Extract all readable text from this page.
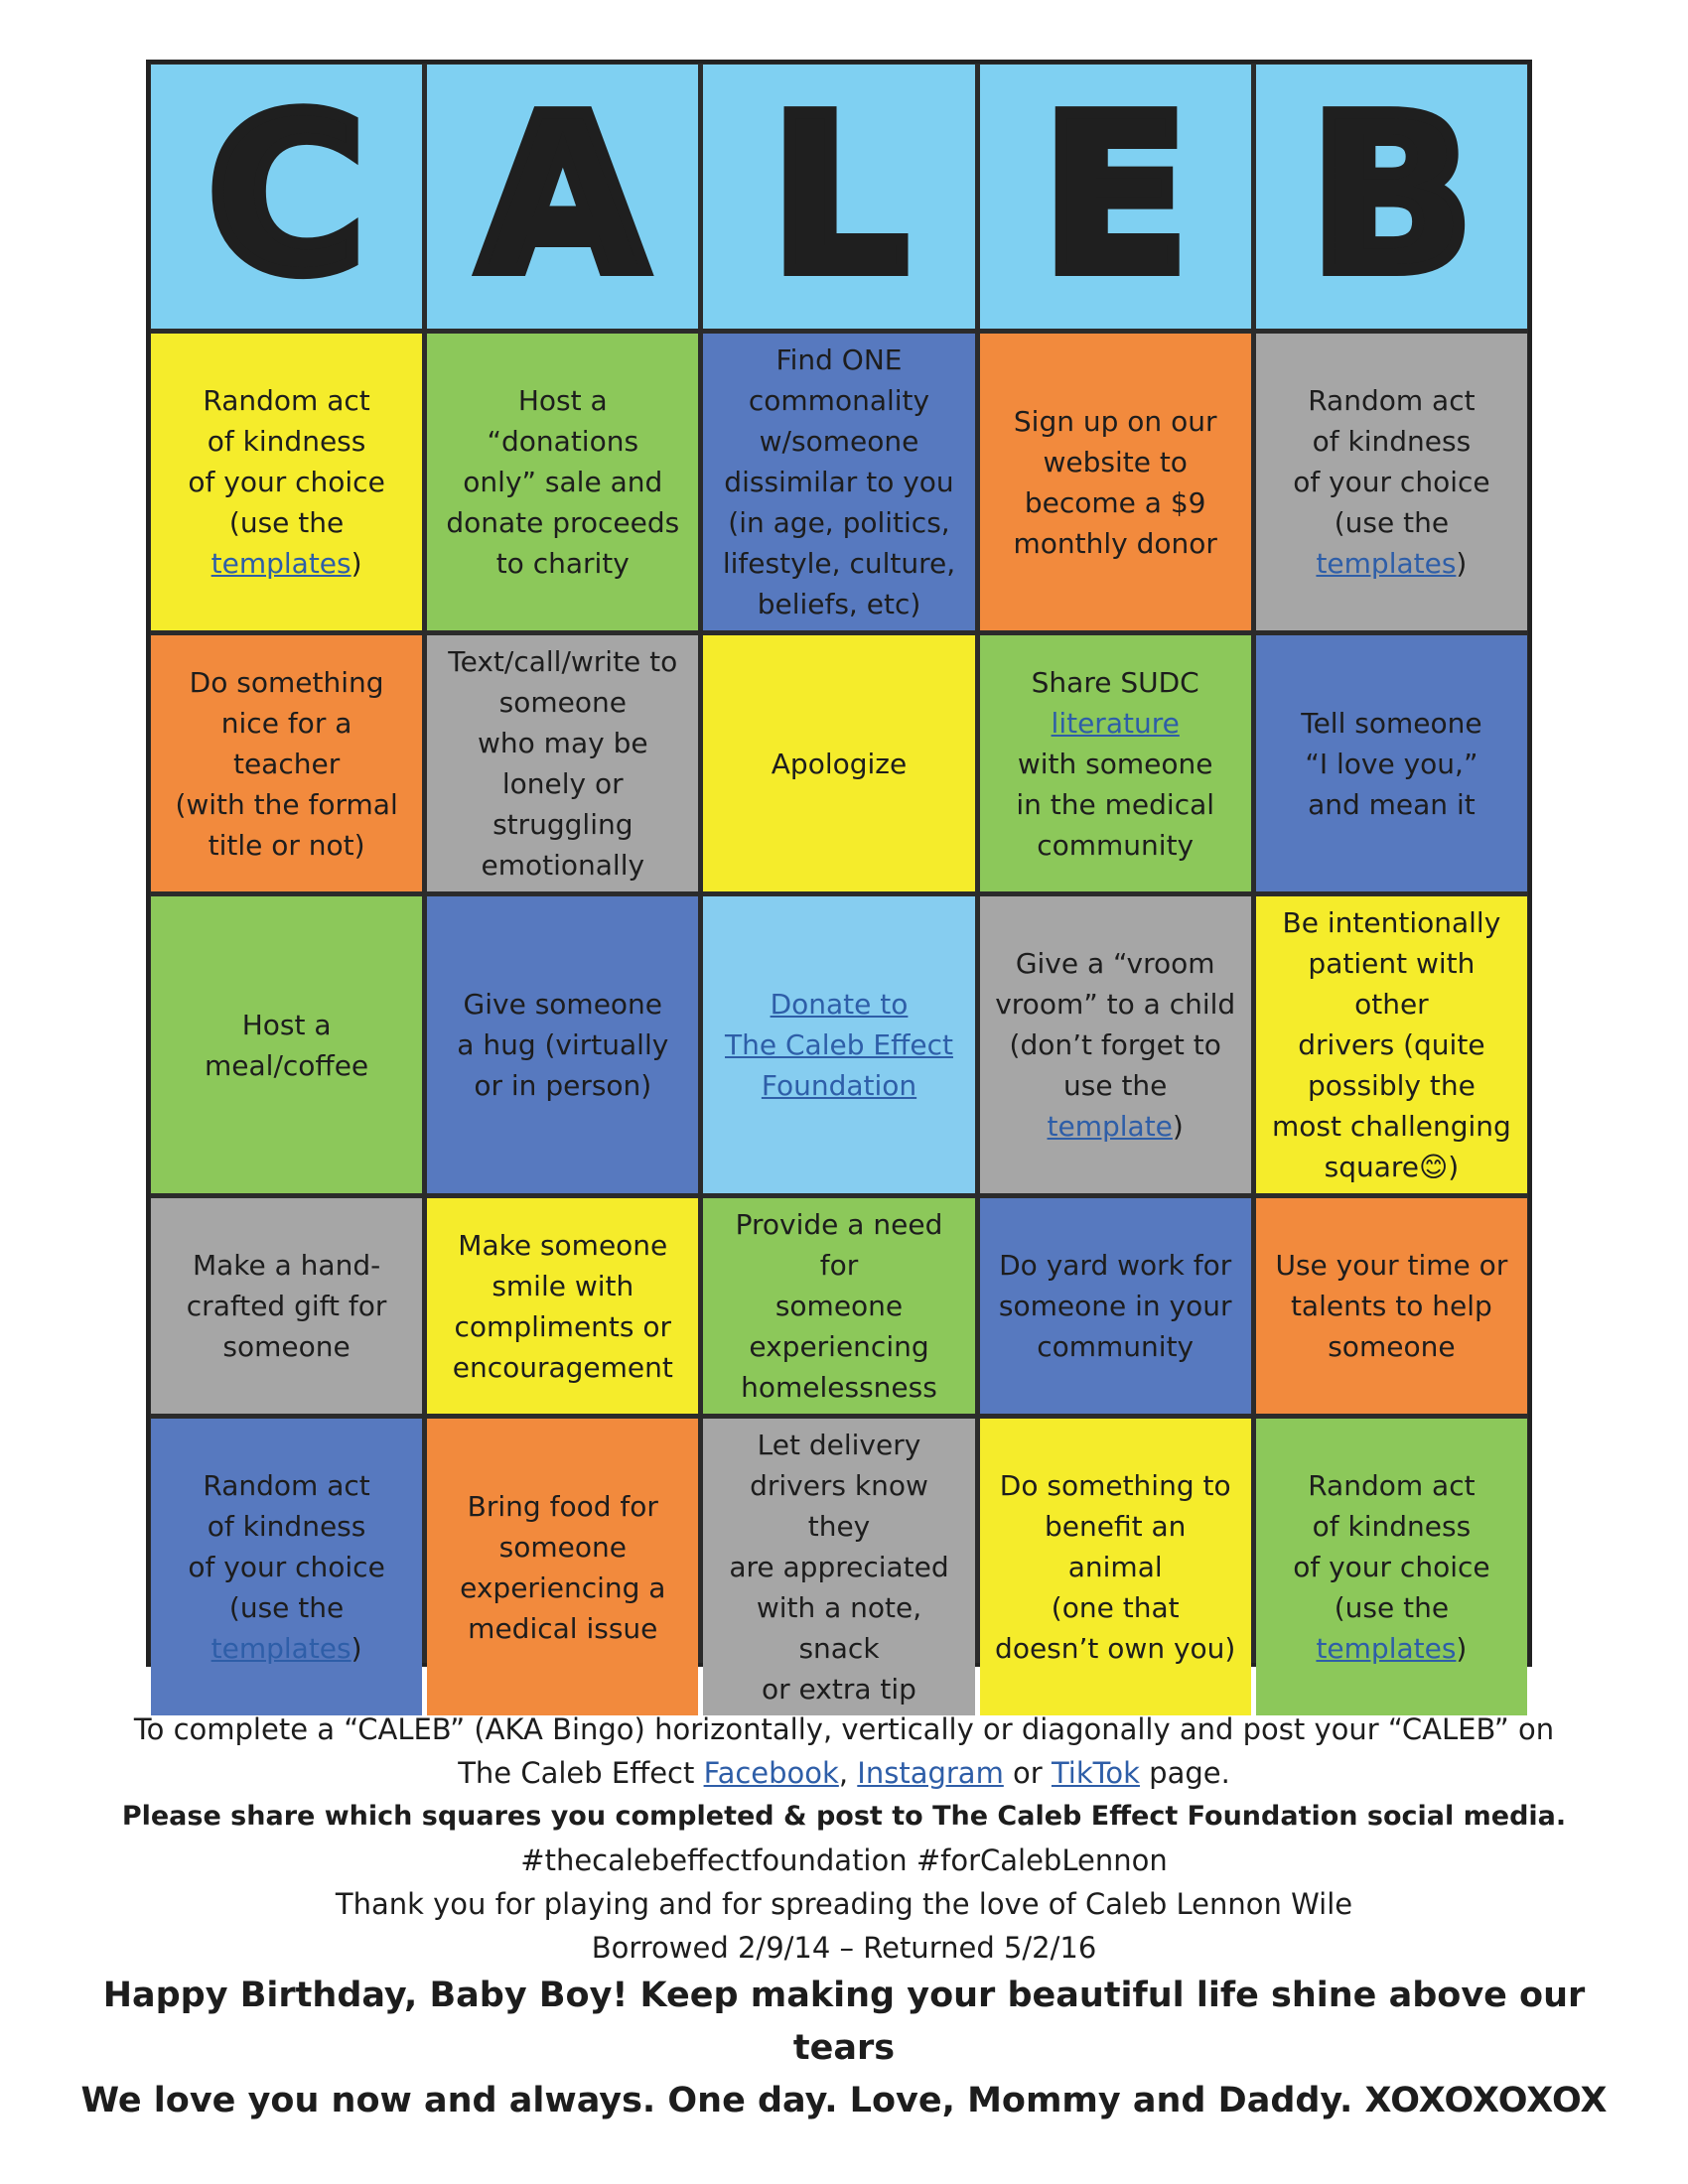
C A L E B
Random act
of kindness
of your choice
(use the
templates)
Host a “donations
only” sale and
donate proceeds
to charity
Find ONE
commonality
w/someone
dissimilar to you
(in age, politics,
lifestyle, culture,
beliefs, etc)
Sign up on our
website to
become a $9
monthly donor
Random act
of kindness
of your choice
(use the
templates)
Do something
nice for a teacher
(with the formal
title or not)
Text/call/write to
someone
who may be
lonely or
struggling
emotionally
Apologize
Share SUDC
literature
with someone
in the medical
community
Tell someone
“I love you,”
and mean it
Host a
meal/coffee
Give someone
a hug (virtually
or in person)
Donate to
The Caleb Effect
Foundation
Give a “vroom
vroom” to a child
(don’t forget to
use the template)
Be intentionally
patient with other
drivers (quite
possibly the
most challenging
square😊)
Make a hand-
crafted gift for
someone
Make someone
smile with
compliments or
encouragement
Provide a need for
someone
experiencing
homelessness
Do yard work for
someone in your
community
Use your time or
talents to help
someone
Random act
of kindness
of your choice
(use the
templates)
Bring food for
someone
experiencing a
medical issue
Let delivery
drivers know they
are appreciated
with a note, snack
or extra tip
Do something to
benefit an animal
(one that
doesn’t own you)
Random act
of kindness
of your choice
(use the
templates)

To complete a “CALEB” (AKA Bingo) horizontally, vertically or diagonally and post your “CALEB” on

The Caleb Effect Facebook, Instagram or TikTok page.

Please share which squares you completed & post to The Caleb Effect Foundation social media.

#thecalebeffectfoundation #forCalebLennon

Thank you for playing and for spreading the love of Caleb Lennon Wile

Borrowed 2/9/14 – Returned 5/2/16

Happy Birthday, Baby Boy! Keep making your beautiful life shine above our tears

We love you now and always. One day. Love, Mommy and Daddy. XOXOXOXOX
